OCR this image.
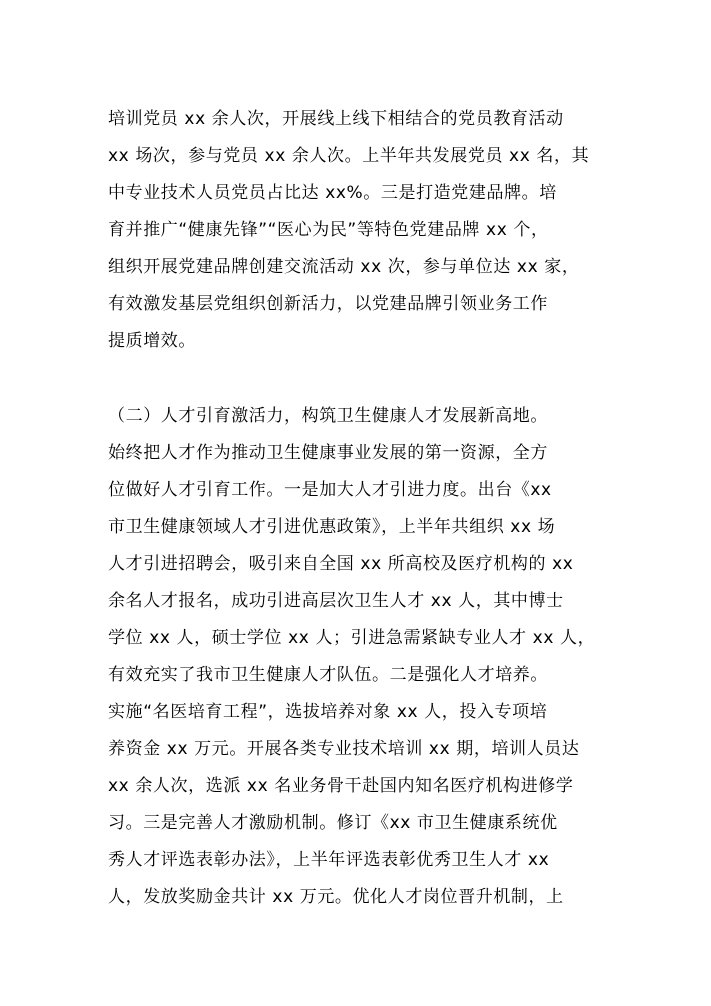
培训党员 xx 余人次，开展线上线下相结合的党员教育活动
xx 场次，参与党员 xx 余人次。上半年共发展党员 xx 名，其
中专业技术人员党员占比达 xx%。三是打造党建品牌。培
育并推广“健康先锋”“医心为民”等特色党建品牌 xx 个，
组织开展党建品牌创建交流活动 xx 次，参与单位达 xx 家，
有效激发基层党组织创新活力，以党建品牌引领业务工作
提质增效。
（二）人才引育激活力，构筑卫生健康人才发展新高地。
始终把人才作为推动卫生健康事业发展的第一资源，全方
位做好人才引育工作。一是加大人才引进力度。出台《xx
市卫生健康领域人才引进优惠政策》，上半年共组织 xx 场
人才引进招聘会，吸引来自全国 xx 所高校及医疗机构的 xx
余名人才报名，成功引进高层次卫生人才 xx 人，其中博士
学位 xx 人，硕士学位 xx 人；引进急需紧缺专业人才 xx 人，
有效充实了我市卫生健康人才队伍。二是强化人才培养。
实施“名医培育工程”，选拔培养对象 xx 人，投入专项培
养资金 xx 万元。开展各类专业技术培训 xx 期，培训人员达
xx 余人次，选派 xx 名业务骨干赴国内知名医疗机构进修学
习。三是完善人才激励机制。修订《xx 市卫生健康系统优
秀人才评选表彰办法》，上半年评选表彰优秀卫生人才 xx
人，发放奖励金共计 xx 万元。优化人才岗位晋升机制，上
